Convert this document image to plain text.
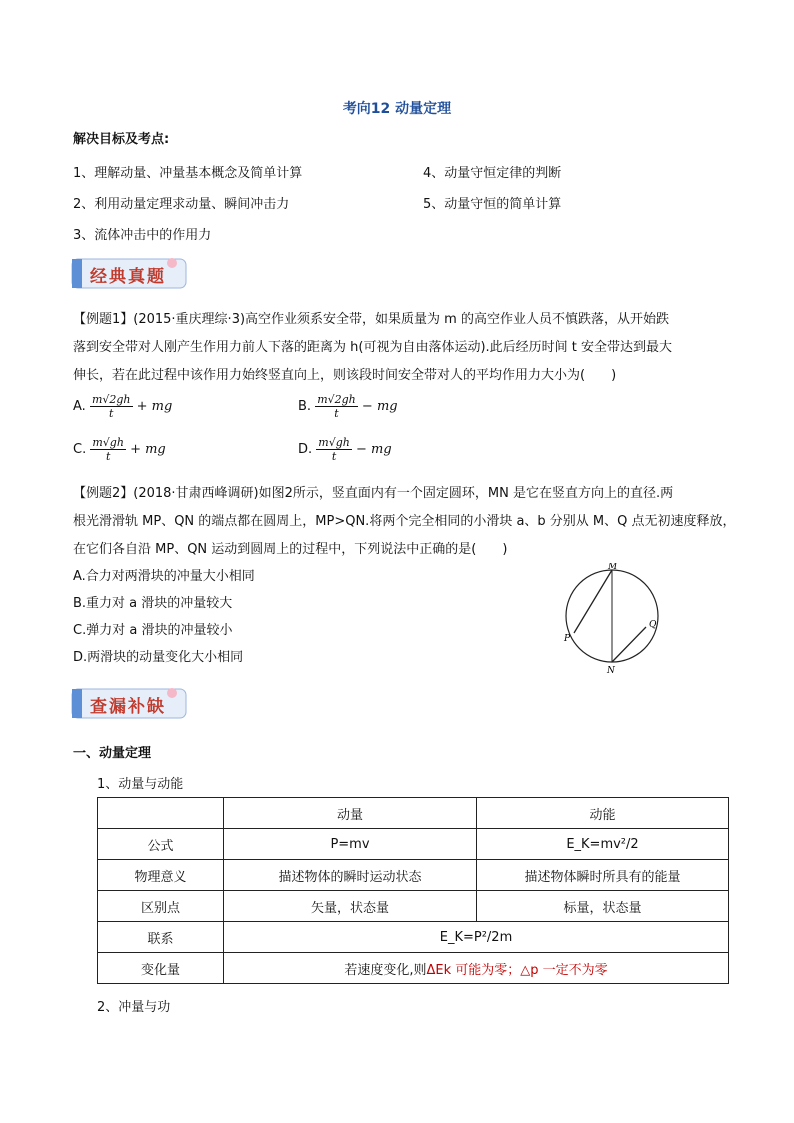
考向12 动量定理
解决目标及考点:
1、理解动量、冲量基本概念及简单计算
2、利用动量定理求动量、瞬间冲击力
3、流体冲击中的作用力
4、动量守恒定律的判断
5、动量守恒的简单计算
经典真题
【例题1】(2015·重庆理综·3)高空作业须系安全带，如果质量为 m 的高空作业人员不慎跌落，从开始跌
落到安全带对人刚产生作用力前人下落的距离为 h(可视为自由落体运动).此后经历时间 t 安全带达到最大
伸长，若在此过程中该作用力始终竖直向上，则该段时间安全带对人的平均作用力大小为(　　)
A. $\frac{m√2gh}{t}$ + mg	B. $\frac{m√2gh}{t}$ − mg
C. $\frac{m√gh}{t}$ + mg	D. $\frac{m√gh}{t}$ − mg
【例题2】(2018·甘肃西峰调研)如图2所示，竖直面内有一个固定圆环，MN 是它在竖直方向上的直径.两
根光滑滑轨 MP、QN 的端点都在圆周上，MP>QN.将两个完全相同的小滑块 a、b 分别从 M、Q 点无初速度释放，
在它们各自沿 MP、QN 运动到圆周上的过程中，下列说法中正确的是(　　)
A.合力对两滑块的冲量大小相同
B.重力对 a 滑块的冲量较大
C.弹力对 a 滑块的冲量较小
D.两滑块的动量变化大小相同
M
N
P
Q
查漏补缺
一、动量定理
1、动量与动能
	动量	动能
公式	P=mv	E_K=mv²/2
物理意义	描述物体的瞬时运动状态	描述物体瞬时所具有的能量
区别点	矢量，状态量	标量，状态量
联系	E_K=P²/2m	
变化量	若速度变化,则ΔEk 可能为零；△p 一定不为零	
2、冲量与功
